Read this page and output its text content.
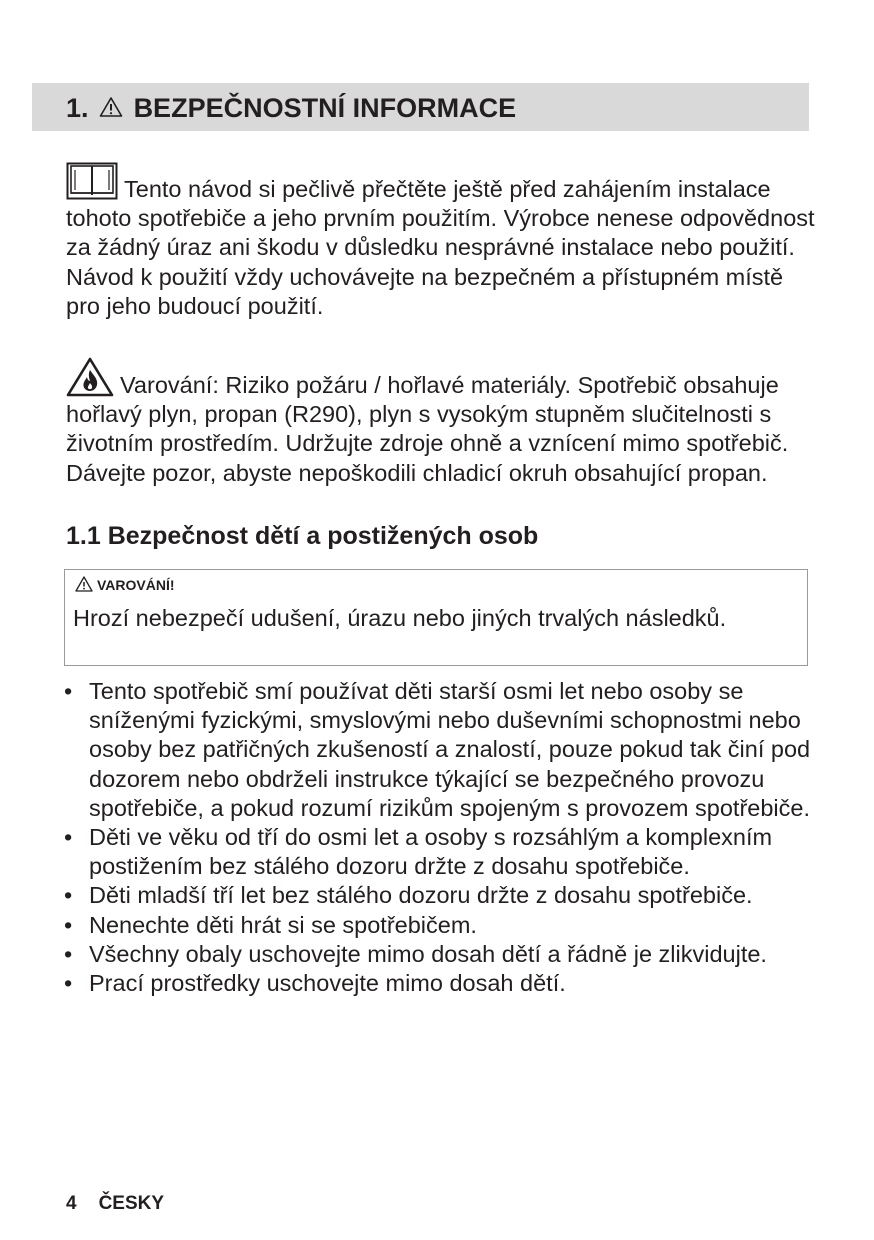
1. BEZPEČNOSTNÍ INFORMACE

Tento návod si pečlivě přečtěte ještě před zahájením instalace tohoto spotřebiče a jeho prvním použitím. Výrobce nenese odpovědnost za žádný úraz ani škodu v důsledku nesprávné instalace nebo použití. Návod k použití vždy uchovávejte na bezpečném a přístupném místě pro jeho budoucí použití.

Varování: Riziko požáru / hořlavé materiály. Spotřebič obsahuje hořlavý plyn, propan (R290), plyn s vysokým stupněm slučitelnosti s životním prostředím. Udržujte zdroje ohně a vznícení mimo spotřebič. Dávejte pozor, abyste nepoškodili chladicí okruh obsahující propan.

1.1 Bezpečnost dětí a postižených osob
VAROVÁNÍ!

Hrozí nebezpečí udušení, úrazu nebo jiných trvalých následků.

• Tento spotřebič smí používat děti starší osmi let nebo osoby se sníženými fyzickými, smyslovými nebo duševními schopnostmi nebo osoby bez patřičných zkušeností a znalostí, pouze pokud tak činí pod dozorem nebo obdrželi instrukce týkající se bezpečného provozu spotřebiče, a pokud rozumí rizikům spojeným s provozem spotřebiče.
• Děti ve věku od tří do osmi let a osoby s rozsáhlým a komplexním postižením bez stálého dozoru držte z dosahu spotřebiče.
• Děti mladší tří let bez stálého dozoru držte z dosahu spotřebiče.
• Nenechte děti hrát si se spotřebičem.
• Všechny obaly uschovejte mimo dosah dětí a řádně je zlikvidujte.
• Prací prostředky uschovejte mimo dosah dětí.
4 ČESKY
